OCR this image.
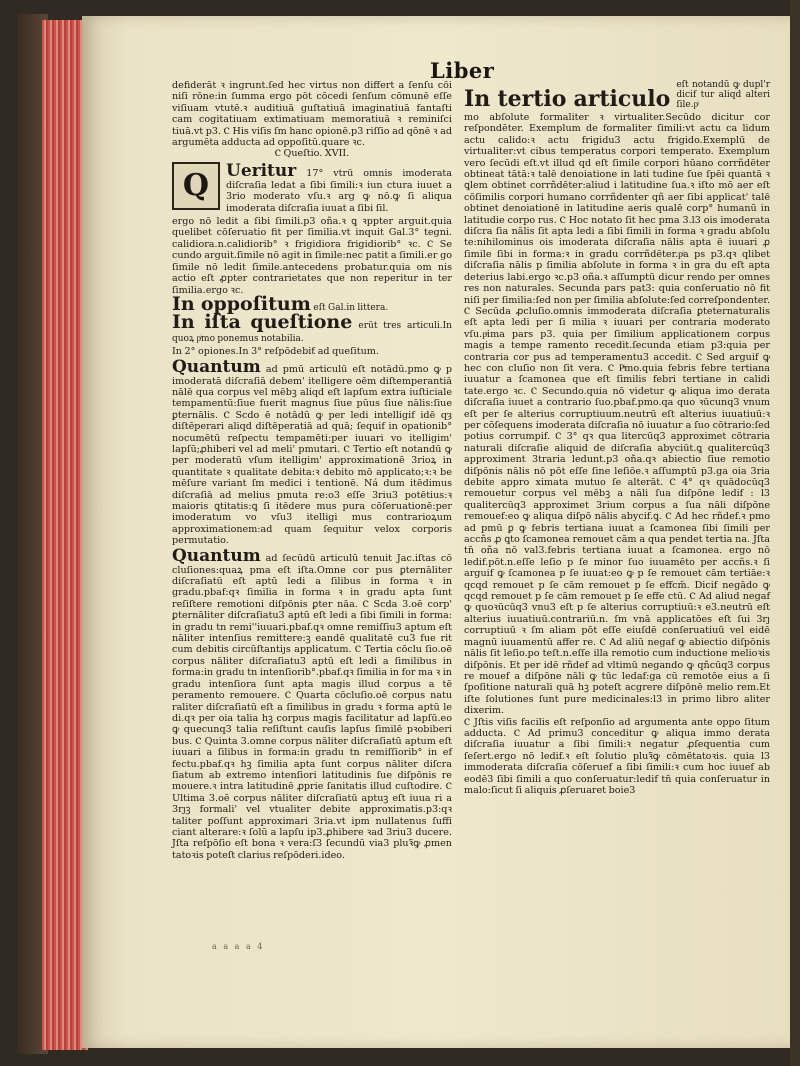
Liber

defiderāt ꝛ ingrunt.ſed hec virtus non differt a ſenſu cōi niſi rōne:in ſumma ergo pōt cōcedi ſenſum cōmunē eſſe viſiuam vtutē.ꝛ auditiuā guſtatiuā imaginatiuā fantaſti cam cogitatiuam extimatiuam memoratiuā ꝛ reminiſci tiuā.vt p3. Ⲥ His viſis ſm hanc opionē.p3 riſſio ad qōnē ꝛ ad argumēta adducta ad oppoſitū.quare ꝛc.

Ⲥ Queſtio. XVII.

Q Ueritur 17° vtrū omnis imoderata diſcraſia ledat a ſibi ſimili:ꝛ iun ctura iuuet a 3rio moderato vſu.ꝛ arg ꝙ nō.ꝙ ſi aliqua imoderata diſcraſia iuuat a ſibi ſil.

ergo nō ledit a ſibi ſimili.p3 oña.ꝛ ꝗ ꝛppter arguit.quia quelibet cōſeruatio fit per ſimilia.vt inquit Gal.3° tegni. calidiora.n.calidiorib° ꝛ frigidiora frigidiorib° ꝛc. Ⲥ Se cundo arguit.ſimile nō agit in ſimile:nec patit a ſimili.er go ſimile nō ledit ſimile.antecedens probatur.quia om nis actio eſt ꝓpter contrarietates que non reperitur in ter ſimilia.ergo ꝛc.

In oppoſitum eſt Gal.in littera.
In iſta queſtione erūt tres articuli.In quoꝝ pͥmo ponemus notabilia.

In 2° opiones.In 3° reſpōdebiƭ ad queſitum.

Quantum ad pmū articulū eſt notādū.pmo ꝙ p imoderatā diſcraſiā debem' itelligere oēm diſtemperantiā nālē qua corpus vel mēbꝫ aliqd eſt lapſum extra iuſticiale tempamentū:ſiue fuerit magnus ſiue pūus ſiue nālis:ſiue ꝑternālis. Ⲥ Scdo ē notādū ꝙ per ledi intelligif idē qȝ diſtēperari aliqd diſtēperatiā ad quā; ſequif in opationib° nocumētū reſpectu tempamēti:per iuuari vo itelligim' lapſū;ꝓhiberi vel ad meli' pmutari. Ⲥ Tertio eſt notandū ꝙ per moderatū vſum itelligim' approximationē 3rioꝝ in quantitate ꝛ qualitate debita:ꝛ debito mō applicato;ꝛ:ꝛ be mēſure variant ſm medici i tentionē. Ná dum itēdimus diſcraſiā ad melius pmuta re:o3 eſſe 3riu3 potētius:ꝛ maioris ꝗtitatis:ꝗ ſi itēdere mus pura cōſeruationē:per imoderatum vo vſu3 itelligi mus contrarioꝝum approximationem:ad quam ſequitur velox corporis permutatio.

Quantum ad ſecūdū articulū tenuit Jac.iſtas cō cluſiones:quaꝝ pma eſt iſta.Omne cor pus ꝑternāliter diſcraſiatū eſt aptū ledi a ſilibus in forma ꝛ in gradu.pbaf:qꝛ ſimilia in forma ꝛ in gradu apta ſunt reſiſtere remotioni diſpōnis ꝑter nāa. Ⲥ Scda 3.oē corp' ꝑternāliter diſcraſiatu3 aptū eſt ledi a ſibi ſimili in forma: in gradu tn remi''iuuari.pbaf.qꝛ omne remiſſiu3 aptum eſt nāliter intenſius remittere:ꝫ eandē qualitatē cu3 fue rit cum debitis circūſtantiȷs applicatum. Ⲥ Tertia cōclu ſio.oē corpus nāliter diſcraſiatu3 aptū eſt ledi a ſimilibus in forma:in gradu tn intenſiorib°.pbaf.qꝛ ſimilia in for ma ꝛ in gradu intenſiora ſunt apta magis illud corpus a tē peramento remouere. Ⲥ Quarta cōcluſio.oē corpus natu raliter diſcraſiatū eſt a ſimilibus in gradu ꝛ forma aptū le di.qꝛ per oia talia hꝫ corpus magis facilitatur ad lapſū.eo ꝙ quecunq3 talia reſiſtunt cauſis lapſus ſimilē pꝛobiberi bus. Ⲥ Quinta 3.omne corpus nāliter diſcraſiatū aptum eſt iuuari a ſilibus in forma:in gradu tn remiſſiorib° in ef fectu.pbaf.qꝛ hꝫ ſimilia apta ſunt corpus nāliter diſcra ſiatum ab extremo intenſiori latitudinis ſue diſpōnis re mouere.ꝛ intra latitudinē ꝓprie ſanitatis illud cuſtodire. Ⲥ Ultima 3.oē corpus nāliter diſcraſiatū aptuꝫ eſt iuua ri a 3rȷꝫ formali' vel vtualiter debite approximatis.p3:qꝛ taliter poſſunt approximari 3ria.vt ipm nullatenus ſuffi ciant alterare:ꝛ ſolū a lapſu ip3.ꝓhibere ꝛad 3riu3 ducere. Jſta reſpōſio eſt bona ꝛ vera:ſ3 ſecundū via3 pluꝛ̃ꝙ ꝓmen tatoꝛis poteſt clarius reſpōderi.ideo.

In tertio articulo
eſt notandū ꝙ dupl'r dicif tur aliqd alteri ſile.pͥ

mo abſolute formaliter ꝛ virtualiter.Secūdo dicitur cor reſpondēter. Exemplum de formaliter ſimili:vt actu ca lidum actu calido:ꝛ actu frigidu3 actu frigido.Exemplū de virtualiter:vt cibus temperatus corpori temperato. Exemplum vero ſecūdi eſt.vt illud qd eſt ſimile corpori hūano corrñdēter obtineat tātā:ꝛ talē denoiatione in lati tudine ſue ſpēi quantā ꝛ ꝗlem obtinet corrñdēter:aliud i latitudine ſua.ꝛ iſto mō aer eſt cōſimilis corpori humano corrñdenter qñ aer ſibi applicat' talē obtinet denoiationē in latitudine aeris qualē corp° humanū in latitudie corpo rus. Ⲥ Hoc notato ſit hec pma 3.l3 ois imoderata diſcra ſia nālis ſit apta ledi a ſibi ſimili in forma ꝛ gradu abſolu te:nihilominus ois imoderata diſcraſia nālis apta ē iuuari ꝓ ſimile ſibi in forma:ꝛ in gradu corrñdēter.pͥa ps p3.qꝛ qlibet diſcraſia nālis p ſimilia abſolute in forma ꝛ in gra du eſt apta deterius labi.ergo ꝛc.p3 oña.ꝛ aſſumptū dicur rendo per omnes res non naturales. Secunda pars pat3: quia conſeruatio nō fit niſi per ſimilia:ſed non per ſimilia abſolute:ſed correſpondenter. Ⲥ Secūda ꝓcluſio.omnis immoderata diſcraſia ꝑteternaturalis eſt apta ledi per ſi milia ꝛ iuuari per contraria moderato vſu.pͥima pars p3. quia per ſimilium applicationem corpus magis a tempe ramento recedit.ſecunda etiam p3:quia per contraria cor pus ad temperamentu3 accedit. Ⲥ Sed arguif ꝙ hec con cluſio non ſit vera. Ⲥ Pͥmo.quia febris febre tertiana iuuatur a ſcamonea que eſt ſimilis febri tertiane in calidi tate.ergo ꝛc. Ⲥ Secundo.quia nō videtur ꝙ aliqua imo derata diſcraſia iuuet a contrario ſuo.pbaf.pmo.qa quo ꝛūcunq3 vnum eſt per ſe alterius corruptiuum.neutrū eſt alterius iuuatiuū:ꝛ per cōſequens imoderata diſcraſia nō iuuatur a ſuo cōtrario:ſed potius corrumpif. Ⲥ 3° qꝛ qua litercūq3 approximet cōtraria naturali diſcraſie aliquid de diſcraſia abyciūt.ꝗ qualitercūq3 approximent 3traria ledunt.p3 oña.qꝛ abiectio ſiue remotio diſpōnis nālis nō pōt eſſe ſine leſiōe.ꝛ aſſumptū p3.ga oia 3ria debite appro ximata mutuo ſe alterāt. Ⲥ 4° qꝛ quādocūq3 remouetur corpus vel mēbꝫ a nāli ſua diſpōne ledif : l3 qualitercūq3 approximet 3rium corpus a ſua nāli diſpōne remouef:eo ꝙ aliqua diſpō nālis abycif.ꝗ. Ⲥ Ad hec rñdef.ꝛ pmo ad pmū ꝑ ꝙ febris tertiana iuuat a ſcamonea ſibi ſimili per accñs ꝓ ꝗto ſcamonea remouet cām a qua pendet tertia na. Jſta tn̄ oña nō val3.febris tertiana iuuat a ſcamonea. ergo nō ledif.pōt.n.eſſe leſio p ſe minor ſuo iuuamēto per accñs.ꝛ ſi arguif ꝙ ſcamonea p ſe iuuat:eo ꝙ p ſe remouet cām tertiāe:ꝛ qcqd remouet p ſe cām remouet p ſe effcm̄. Dicif negādo ꝙ qcqd remouet p ſe cām remouet p ſe effe ctū. Ⲥ Ad aliud negaf ꝙ quoꝛūcūq3 vnu3 eſt p ſe alterius corruptiuū:ꝛ e3.neutrū eſt alterius iuuatiuū.contrariū.n. ſm vnā applicatōes eſt ſui 3rȷ corruptiuū ꝛ ſm aliam pōt eſſe eiuſdē conſeruatiuū vel eidē magnū iuuamentū affer re. Ⲥ Ad aliū negaf ꝙ abiectio diſpōnis nālis ſit leſio.po teſt.n.eſſe illa remotio cum inductione melioꝛis diſpōnis. Et per idē rñdef ad vltimū negando ꝙ qñcūq3 corpus re mouef a diſpōne nāli ꝙ tūc ledaf:ga cū remotōe eius a ſi ſpoſitione naturali quā hꝫ poteſt acgrere diſpōnē melio rem.Et iſte ſolutiones ſunt pure medicinales:l3 in primo libro aliter dixerim.

Ⲥ Jſtis viſis facilis eſt reſponſio ad argumenta ante oppo ſitum adducta. Ⲥ Ad primu3 conceditur ꝙ aliqua immo derata diſcraſia iuuatur a ſibi ſimili:ꝛ negatur ꝓſequentia cum ſeſert.ergo nō ledif.ꝛ eſt ſolutio pluꝛ̃ꝙ cōmētatoꝛis. quia l3 immoderata diſcraſia cōſeruef a ſibi ſimili:ꝛ cum hoc iuuef ab eodē3 ſibi ſimili a quo conſeruatur:ledif tn̄ quia conſeruatur in malo:ſicut ſi aliquis ꝓſeruaret boie3

a a a a 4
